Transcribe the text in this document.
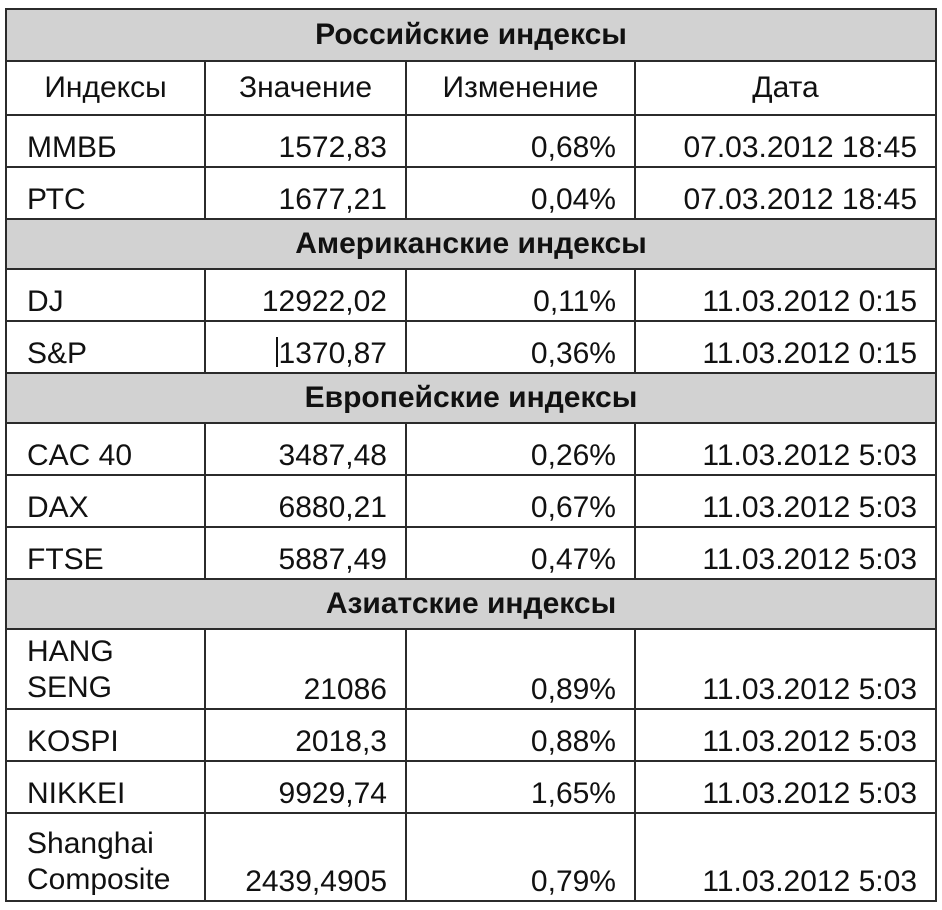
Российские индексы			
Индексы	Значение	Изменение	Дата
ММВБ	1572,83	0,68%	07.03.2012 18:45
РТС	1677,21	0,04%	07.03.2012 18:45
Американские индексы			
DJ	12922,02	0,11%	11.03.2012 0:15
S&P	1370,87	0,36%	11.03.2012 0:15
Европейские индексы			
CAC 40	3487,48	0,26%	11.03.2012 5:03
DAX	6880,21	0,67%	11.03.2012 5:03
FTSE	5887,49	0,47%	11.03.2012 5:03
Азиатские индексы			

HANG
SENG	21086	0,89%	11.03.2012 5:03
KOSPI	2018,3	0,88%	11.03.2012 5:03
NIKKEI	9929,74	1,65%	11.03.2012 5:03

Shanghai
Composite	2439,4905	0,79%	11.03.2012 5:03
